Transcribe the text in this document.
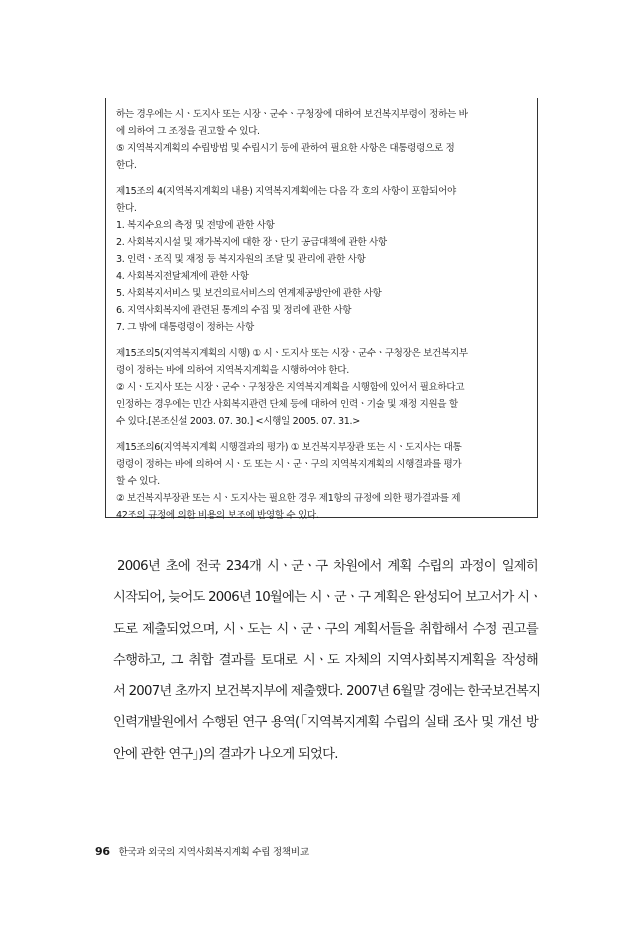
하는 경우에는 시ㆍ도지사 또는 시장ㆍ군수ㆍ구청장에 대하여 보건복지부령이 정하는 바

에 의하여 그 조정을 권고할 수 있다.

⑤ 지역복지계획의 수립방법 및 수립시기 등에 관하여 필요한 사항은 대통령령으로 정

한다.

제15조의 4(지역복지계획의 내용) 지역복지계획에는 다음 각 호의 사항이 포함되어야

한다.

1. 복지수요의 측정 및 전망에 관한 사항

2. 사회복지시설 및 재가복지에 대한 장ㆍ단기 공급대책에 관한 사항

3. 인력ㆍ조직 및 재정 등 복지자원의 조달 및 관리에 관한 사항

4. 사회복지전달체계에 관한 사항

5. 사회복지서비스 및 보건의료서비스의 연계제공방안에 관한 사항

6. 지역사회복지에 관련된 통계의 수집 및 정리에 관한 사항

7. 그 밖에 대통령령이 정하는 사항

제15조의5(지역복지계획의 시행) ① 시ㆍ도지사 또는 시장ㆍ군수ㆍ구청장은 보건복지부

령이 정하는 바에 의하여 지역복지계획을 시행하여야 한다.

② 시ㆍ도지사 또는 시장ㆍ군수ㆍ구청장은 지역복지계획을 시행함에 있어서 필요하다고

인정하는 경우에는 민간 사회복지관련 단체 등에 대하여 인력ㆍ기술 및 재정 지원을 할

수 있다.[본조신설 2003. 07. 30.] <시행일 2005. 07. 31.>

제15조의6(지역복지계획 시행결과의 평가) ① 보건복지부장관 또는 시ㆍ도지사는 대통

령령이 정하는 바에 의하여 시ㆍ도 또는 시ㆍ군ㆍ구의 지역복지계획의 시행결과를 평가

할 수 있다.

② 보건복지부장관 또는 시ㆍ도지사는 필요한 경우 제1항의 규정에 의한 평가결과를 제

42조의 규정에 의한 비용의 보조에 반영할 수 있다.

2006년 초에 전국 234개 시ㆍ군ㆍ구 차원에서 계획 수립의 과정이 일제히

시작되어, 늦어도 2006년 10월에는 시ㆍ군ㆍ구 계획은 완성되어 보고서가 시ㆍ

도로 제출되었으며, 시ㆍ도는 시ㆍ군ㆍ구의 계획서들을 취합해서 수정 권고를

수행하고, 그 취합 결과를 토대로 시ㆍ도 자체의 지역사회복지계획을 작성해

서 2007년 초까지 보건복지부에 제출했다. 2007년 6월말 경에는 한국보건복지

인력개발원에서 수행된 연구 용역(「지역복지계획 수립의 실태 조사 및 개선 방

안에 관한 연구」)의 결과가 나오게 되었다.

96 한국과 외국의 지역사회복지계획 수립 정책비교
